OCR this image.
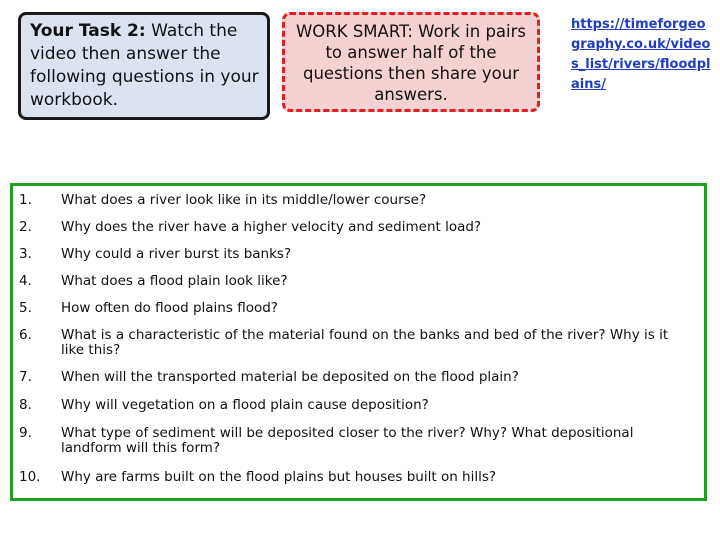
Your Task 2: Watch the video then answer the following questions in your workbook.
WORK SMART: Work in pairs to answer half of the questions then share your answers.
https://timeforgeography.co.uk/videos_list/rivers/floodplains/
1. What does a river look like in its middle/lower course?
2. Why does the river have a higher velocity and sediment load?
3. Why could a river burst its banks?
4. What does a flood plain look like?
5. How often do flood plains flood?
6. What is a characteristic of the material found on the banks and bed of the river? Why is it like this?
7. When will the transported material be deposited on the flood plain?
8. Why will vegetation on a flood plain cause deposition?
9. What type of sediment will be deposited closer to the river? Why? What depositional landform will this form?
10. Why are farms built on the flood plains but houses built on hills?
